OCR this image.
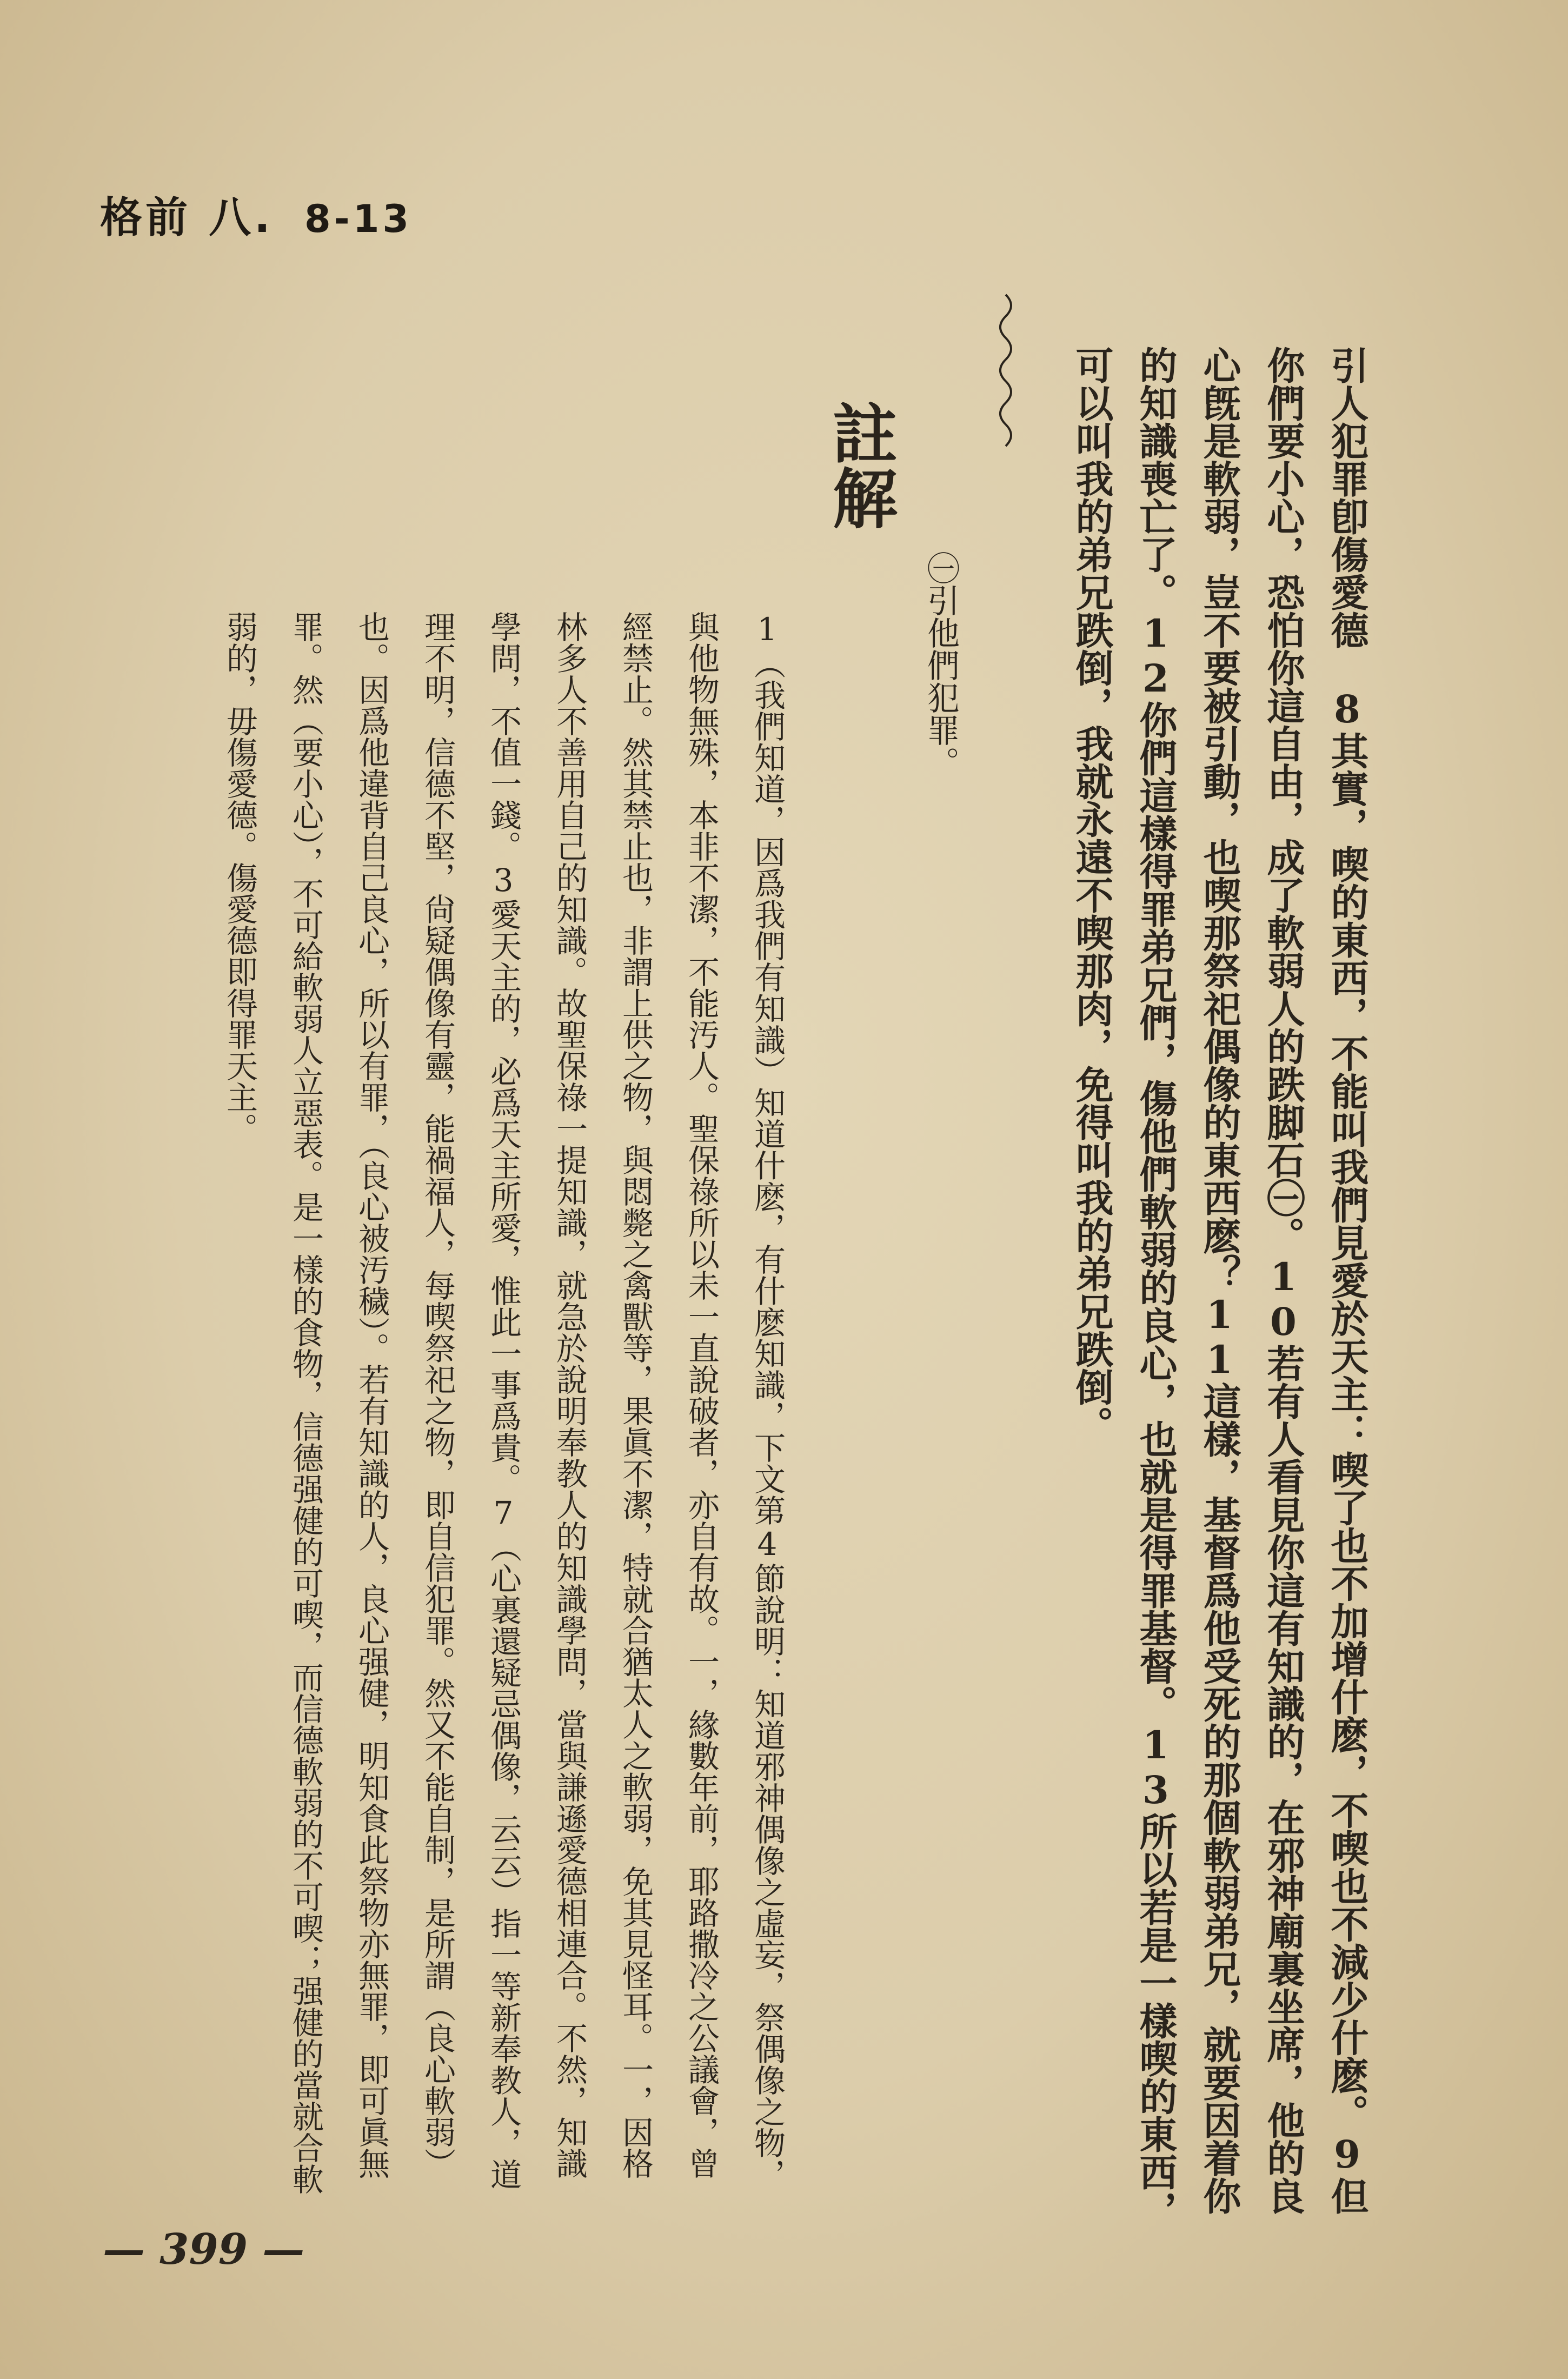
格前 八. 8-13
引人犯罪卽傷愛德　8其實，喫的東西，不能叫我們見愛於天主：喫了也不加增什麽，不喫也不減少什麽。9但你們要小心，恐怕你這自由，成了軟弱人的跌脚石㊀。10若有人看見你這有知識的，在邪神廟裏坐席，他的良心旣是軟弱，豈不要被引動，也喫那祭祀偶像的東西麽？11這樣，基督爲他受死的那個軟弱弟兄，就要因着你的知識喪亡了。12你們這樣得罪弟兄們，傷他們軟弱的良心，也就是得罪基督。13所以若是一樣喫的東西，可以叫我的弟兄跌倒，我就永遠不喫那肉，免得叫我的弟兄跌倒。
㊀引他們犯罪。
註解
1（我們知道，因爲我們有知識）知道什麽，有什麽知識，下文第4節說明：知道邪神偶像之虛妄，祭偶像之物，與他物無殊，本非不潔，不能汚人。聖保祿所以未一直說破者，亦自有故。一，緣數年前，耶路撒冷之公議會，曾經禁止。然其禁止也，非謂上供之物，與悶斃之禽獸等，果眞不潔，特就合猶太人之軟弱，免其見怪耳。一，因格林多人不善用自己的知識。故聖保祿一提知識，就急於說明奉教人的知識學問，當與謙遜愛德相連合。不然，知識學問，不值一錢。3愛天主的，必爲天主所愛，惟此一事爲貴。7（心裏還疑忌偶像，云云）指一等新奉教人，道理不明，信德不堅，尙疑偶像有靈，能禍福人，每喫祭祀之物，即自信犯罪。然又不能自制，是所謂（良心軟弱）也。因爲他違背自己良心，所以有罪，（良心被汚穢）。若有知識的人，良心强健，明知食此祭物亦無罪，即可眞無罪。然（要小心），不可給軟弱人立惡表。是一樣的食物，信德强健的可喫，而信德軟弱的不可喫；强健的當就合軟弱的，毋傷愛德。傷愛德即得罪天主。
— 399 —
